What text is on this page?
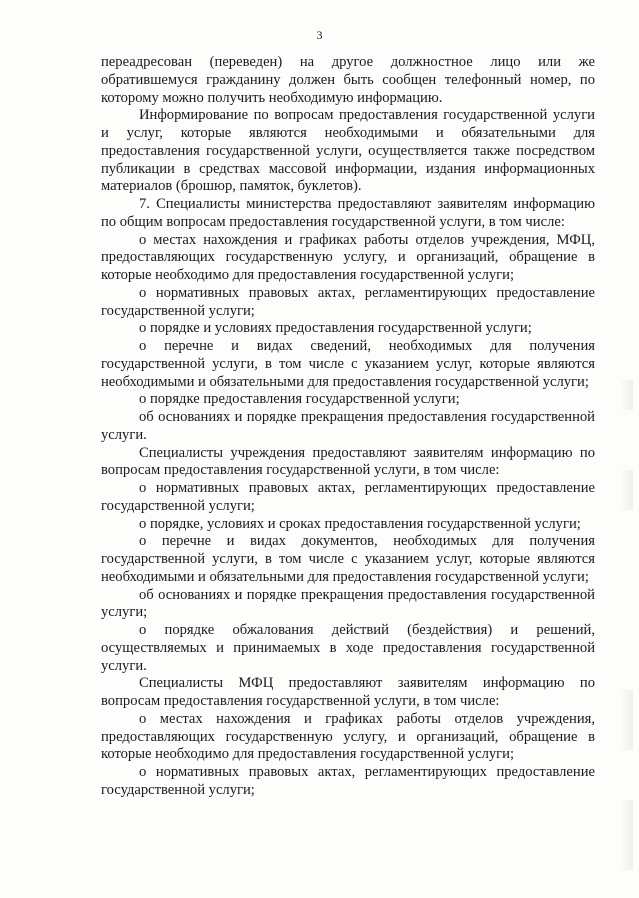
3

переадресован (переведен) на другое должностное лицо или же обратившемуся гражданину должен быть сообщен телефонный номер, по которому можно получить необходимую информацию.

Информирование по вопросам предоставления государственной услуги и услуг, которые являются необходимыми и обязательными для предоставления государственной услуги, осуществляется также посредством публикации в средствах массовой информации, издания информационных материалов (брошюр, памяток, буклетов).

7. Специалисты министерства предоставляют заявителям информацию по общим вопросам предоставления государственной услуги, в том числе:

о местах нахождения и графиках работы отделов учреждения, МФЦ, предоставляющих государственную услугу, и организаций, обращение в которые необходимо для предоставления государственной услуги;

о нормативных правовых актах, регламентирующих предоставление государственной услуги;

о порядке и условиях предоставления государственной услуги;

о перечне и видах сведений, необходимых для получения государственной услуги, в том числе с указанием услуг, которые являются необходимыми и обязательными для предоставления государственной услуги;

о порядке предоставления государственной услуги;

об основаниях и порядке прекращения предоставления государственной услуги.

Специалисты учреждения предоставляют заявителям информацию по вопросам предоставления государственной услуги, в том числе:

о нормативных правовых актах, регламентирующих предоставление государственной услуги;

о порядке, условиях и сроках предоставления государственной услуги;

о перечне и видах документов, необходимых для получения государственной услуги, в том числе с указанием услуг, которые являются необходимыми и обязательными для предоставления государственной услуги;

об основаниях и порядке прекращения предоставления государственной услуги;

о порядке обжалования действий (бездействия) и решений, осуществляемых и принимаемых в ходе предоставления государственной услуги.

Специалисты МФЦ предоставляют заявителям информацию по вопросам предоставления государственной услуги, в том числе:

о местах нахождения и графиках работы отделов учреждения, предоставляющих государственную услугу, и организаций, обращение в которые необходимо для предоставления государственной услуги;

о нормативных правовых актах, регламентирующих предоставление государственной услуги;
